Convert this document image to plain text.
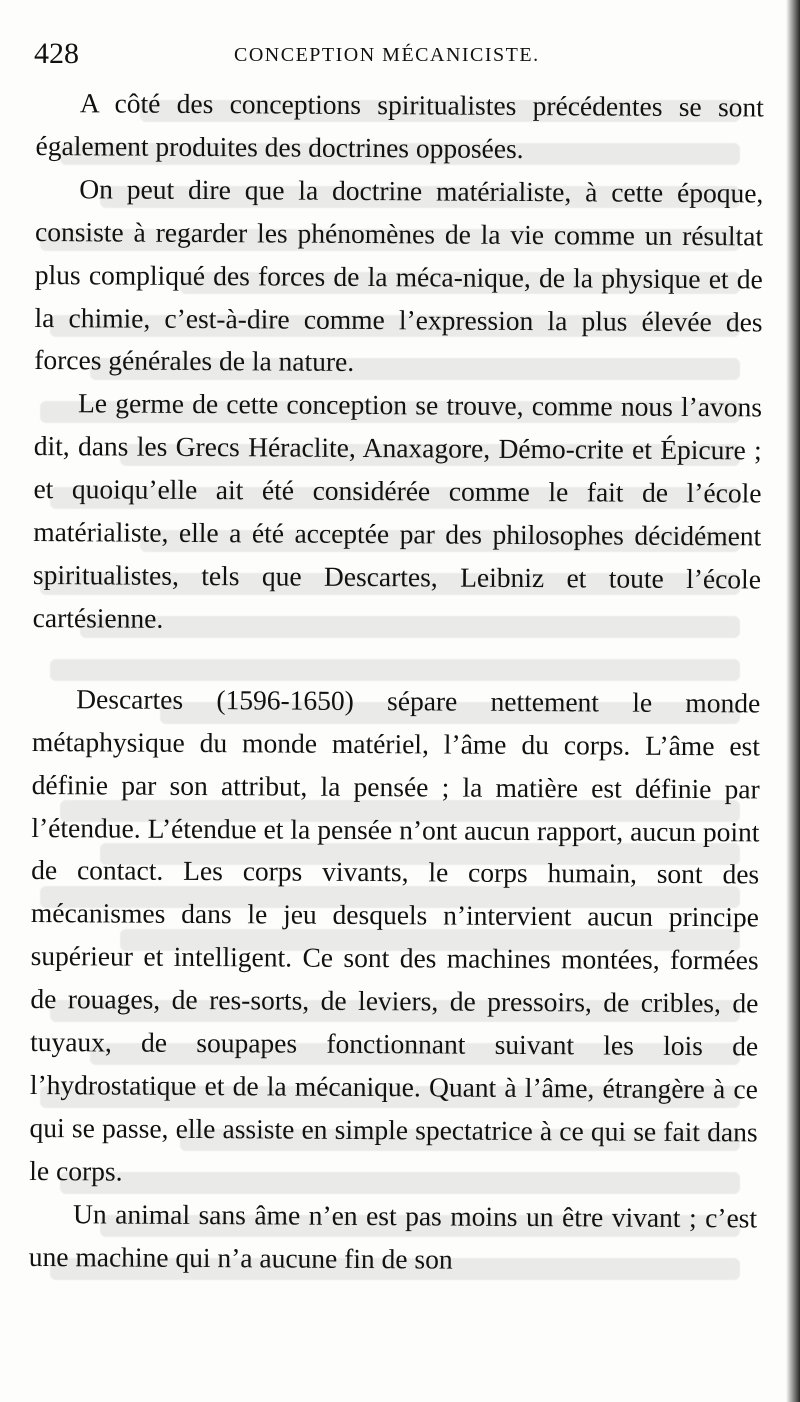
428	CONCEPTION MÉCANICISTE.

A côté des conceptions spiritualistes précédentes se sont également produites des doctrines opposées.

On peut dire que la doctrine matérialiste, à cette époque, consiste à regarder les phénomènes de la vie comme un résultat plus compliqué des forces de la méca-nique, de la physique et de la chimie, c’est-à-dire comme l’expression la plus élevée des forces générales de la nature.

Le germe de cette conception se trouve, comme nous l’avons dit, dans les Grecs Héraclite, Anaxagore, Démo-crite et Épicure ; et quoiqu’elle ait été considérée comme le fait de l’école matérialiste, elle a été acceptée par des philosophes décidément spiritualistes, tels que Descartes, Leibniz et toute l’école cartésienne.

Descartes (1596-1650) sépare nettement le monde métaphysique du monde matériel, l’âme du corps. L’âme est définie par son attribut, la pensée ; la matière est définie par l’étendue. L’étendue et la pensée n’ont aucun rapport, aucun point de contact. Les corps vivants, le corps humain, sont des mécanismes dans le jeu desquels n’intervient aucun principe supérieur et intelligent. Ce sont des machines montées, formées de rouages, de res-sorts, de leviers, de pressoirs, de cribles, de tuyaux, de soupapes fonctionnant suivant les lois de l’hydrostatique et de la mécanique. Quant à l’âme, étrangère à ce qui se passe, elle assiste en simple spectatrice à ce qui se fait dans le corps.

Un animal sans âme n’en est pas moins un être vivant ; c’est une machine qui n’a aucune fin de son
